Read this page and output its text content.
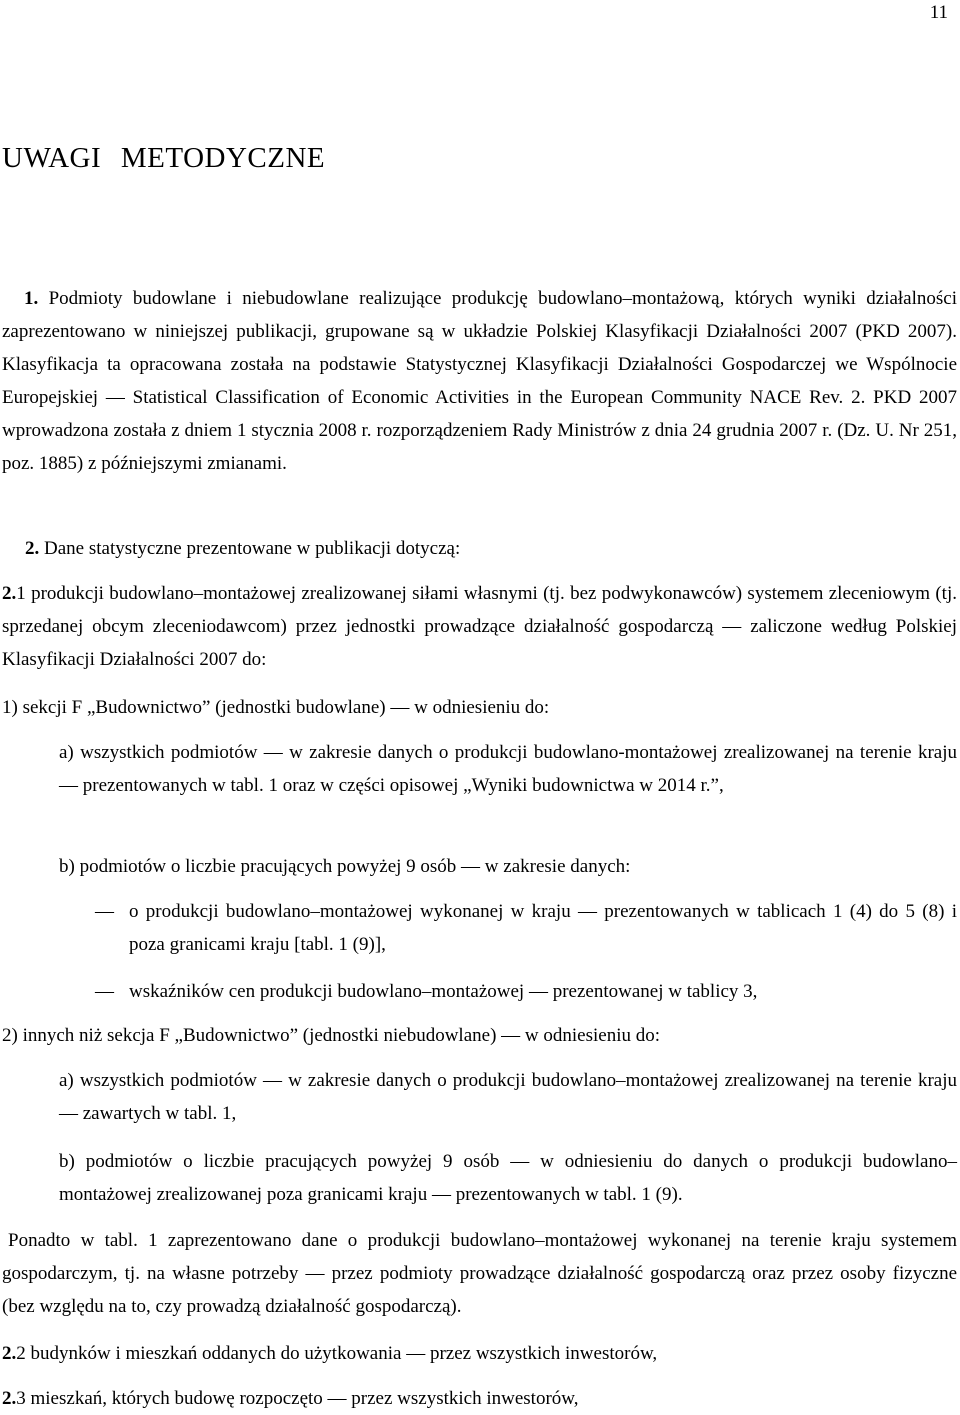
11
UWAGI METODYCZNE
1. Podmioty budowlane i niebudowlane realizujące produkcję budowlano–montażową, których wyniki działalności zaprezentowano w niniejszej publikacji, grupowane są w układzie Polskiej Klasyfikacji Działalności 2007 (PKD 2007). Klasyfikacja ta opracowana została na podstawie Statystycznej Klasyfikacji Działalności Gospodarczej we Wspólnocie Europejskiej — Statistical Classification of Economic Activities in the European Community NACE Rev. 2. PKD 2007 wprowadzona została z dniem 1 stycznia 2008 r. rozporządzeniem Rady Ministrów z dnia 24 grudnia 2007 r. (Dz. U. Nr 251, poz. 1885) z późniejszymi zmianami.
2. Dane statystyczne prezentowane w publikacji dotyczą:
2.1 produkcji budowlano–montażowej zrealizowanej siłami własnymi (tj. bez podwykonawców) systemem zleceniowym (tj. sprzedanej obcym zleceniodawcom) przez jednostki prowadzące działalność gospodarczą — zaliczone według Polskiej Klasyfikacji Działalności 2007 do:
1) sekcji F „Budownictwo” (jednostki budowlane) — w odniesieniu do:
a) wszystkich podmiotów — w zakresie danych o produkcji budowlano-montażowej zrealizowanej na terenie kraju — prezentowanych w tabl. 1 oraz w części opisowej „Wyniki budownictwa w 2014 r.”,
b) podmiotów o liczbie pracujących powyżej 9 osób — w zakresie danych:
— o produkcji budowlano–montażowej wykonanej w kraju — prezentowanych w tablicach 1 (4) do 5 (8) i poza granicami kraju [tabl. 1 (9)],
— wskaźników cen produkcji budowlano–montażowej — prezentowanej w tablicy 3,
2) innych niż sekcja F „Budownictwo” (jednostki niebudowlane) — w odniesieniu do:
a) wszystkich podmiotów — w zakresie danych o produkcji budowlano–montażowej zrealizowanej na terenie kraju — zawartych w tabl. 1,
b) podmiotów o liczbie pracujących powyżej 9 osób — w odniesieniu do danych o produkcji budowlano–montażowej zrealizowanej poza granicami kraju — prezentowanych w tabl. 1 (9).
Ponadto w tabl. 1 zaprezentowano dane o produkcji budowlano–montażowej wykonanej na terenie kraju systemem gospodarczym, tj. na własne potrzeby — przez podmioty prowadzące działalność gospodarczą oraz przez osoby fizyczne (bez względu na to, czy prowadzą działalność gospodarczą).
2.2 budynków i mieszkań oddanych do użytkowania — przez wszystkich inwestorów,
2.3 mieszkań, których budowę rozpoczęto — przez wszystkich inwestorów,
